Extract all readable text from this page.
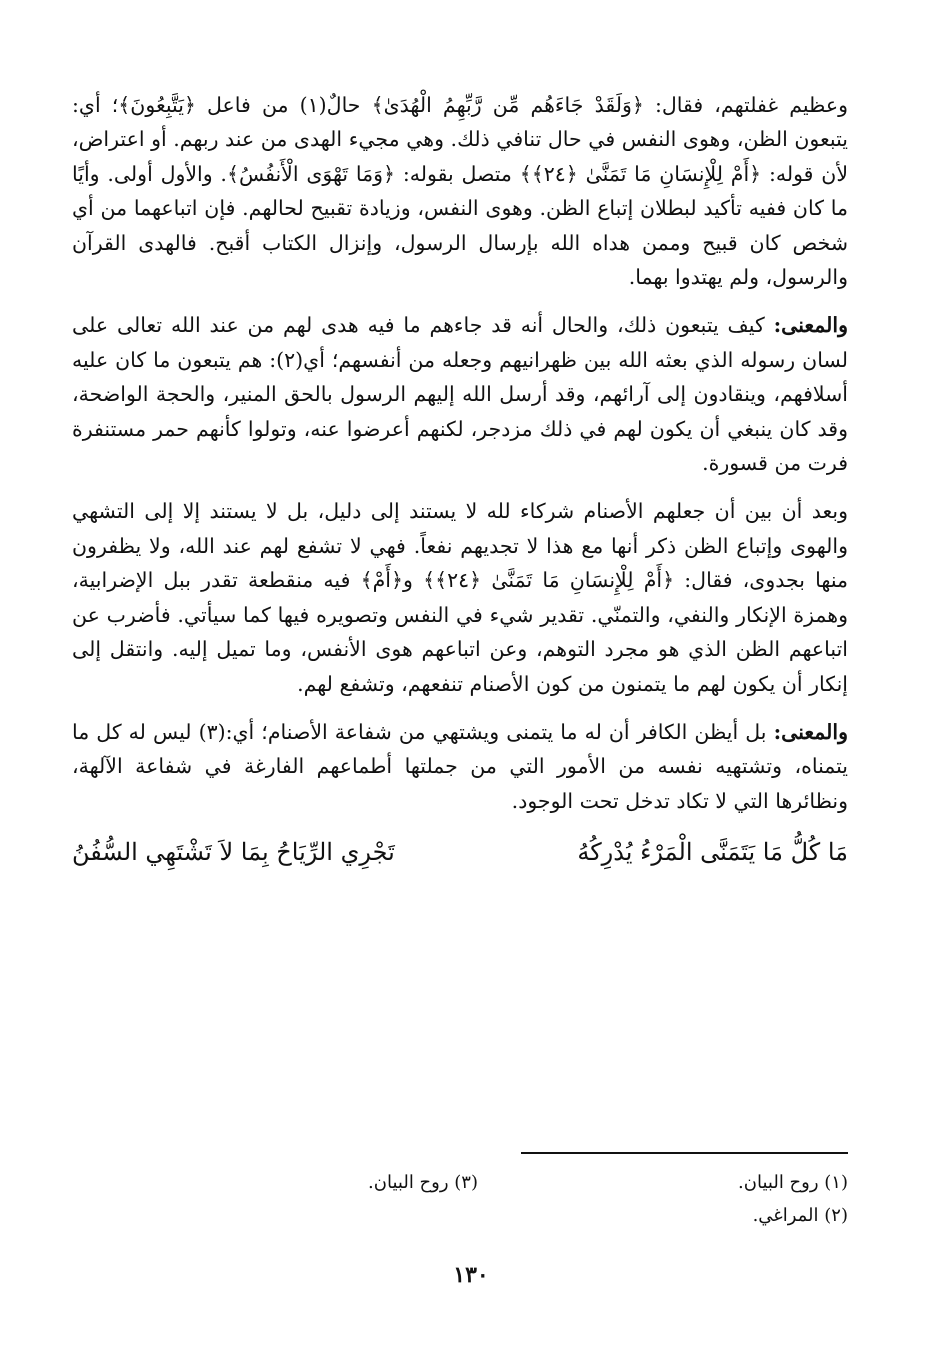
وعظيم غفلتهم، فقال: ﴿وَلَقَدْ جَاءَهُم مِّن رَّبِّهِمُ الْهُدَىٰ﴾ حالٌ(١) من فاعل ﴿يَتَّبِعُونَ﴾؛ أي: يتبعون الظن، وهوى النفس في حال تنافي ذلك. وهي مجيء الهدى من عند ربهم. أو اعتراض، لأن قوله: ﴿أَمْ لِلْإِنسَانِ مَا تَمَنَّىٰ ﴿٢٤﴾﴾ متصل بقوله: ﴿وَمَا تَهْوَى الْأَنفُسُ﴾. والأول أولى. وأيًا ما كان ففيه تأكيد لبطلان إتباع الظن. وهوى النفس، وزيادة تقبيح لحالهم. فإن اتباعهما من أي شخص كان قبيح وممن هداه الله بإرسال الرسول، وإنزال الكتاب أقبح. فالهدى القرآن والرسول، ولم يهتدوا بهما.

والمعنى: كيف يتبعون ذلك، والحال أنه قد جاءهم ما فيه هدى لهم من عند الله تعالى على لسان رسوله الذي بعثه الله بين ظهرانيهم وجعله من أنفسهم؛ أي(٢): هم يتبعون ما كان عليه أسلافهم، وينقادون إلى آرائهم، وقد أرسل الله إليهم الرسول بالحق المنير، والحجة الواضحة، وقد كان ينبغي أن يكون لهم في ذلك مزدجر، لكنهم أعرضوا عنه، وتولوا كأنهم حمر مستنفرة فرت من قسورة.

وبعد أن بين أن جعلهم الأصنام شركاء لله لا يستند إلى دليل، بل لا يستند إلا إلى التشهي والهوى وإتباع الظن ذكر أنها مع هذا لا تجديهم نفعاً. فهي لا تشفع لهم عند الله، ولا يظفرون منها بجدوى، فقال: ﴿أَمْ لِلْإِنسَانِ مَا تَمَنَّىٰ ﴿٢٤﴾﴾ و﴿أَمْ﴾ فيه منقطعة تقدر ببل الإضرابية، وهمزة الإنكار والنفي، والتمنّي. تقدير شيء في النفس وتصويره فيها كما سيأتي. فأضرب عن اتباعهم الظن الذي هو مجرد التوهم، وعن اتباعهم هوى الأنفس، وما تميل إليه. وانتقل إلى إنكار أن يكون لهم ما يتمنون من كون الأصنام تنفعهم، وتشفع لهم.

والمعنى: بل أيظن الكافر أن له ما يتمنى ويشتهي من شفاعة الأصنام؛ أي:(٣) ليس له كل ما يتمناه، وتشتهيه نفسه من الأمور التي من جملتها أطماعهم الفارغة في شفاعة الآلهة، ونظائرها التي لا تكاد تدخل تحت الوجود.

مَا كُلُّ مَا يَتَمَنَّى الْمَرْءُ يُدْرِكُهُ
تَجْرِي الرِّيَاحُ بِمَا لاَ تَشْتَهِي السُّفُنُ
(١) روح البيان.
(٣) روح البيان.
(٢) المراغي.
١٣٠
